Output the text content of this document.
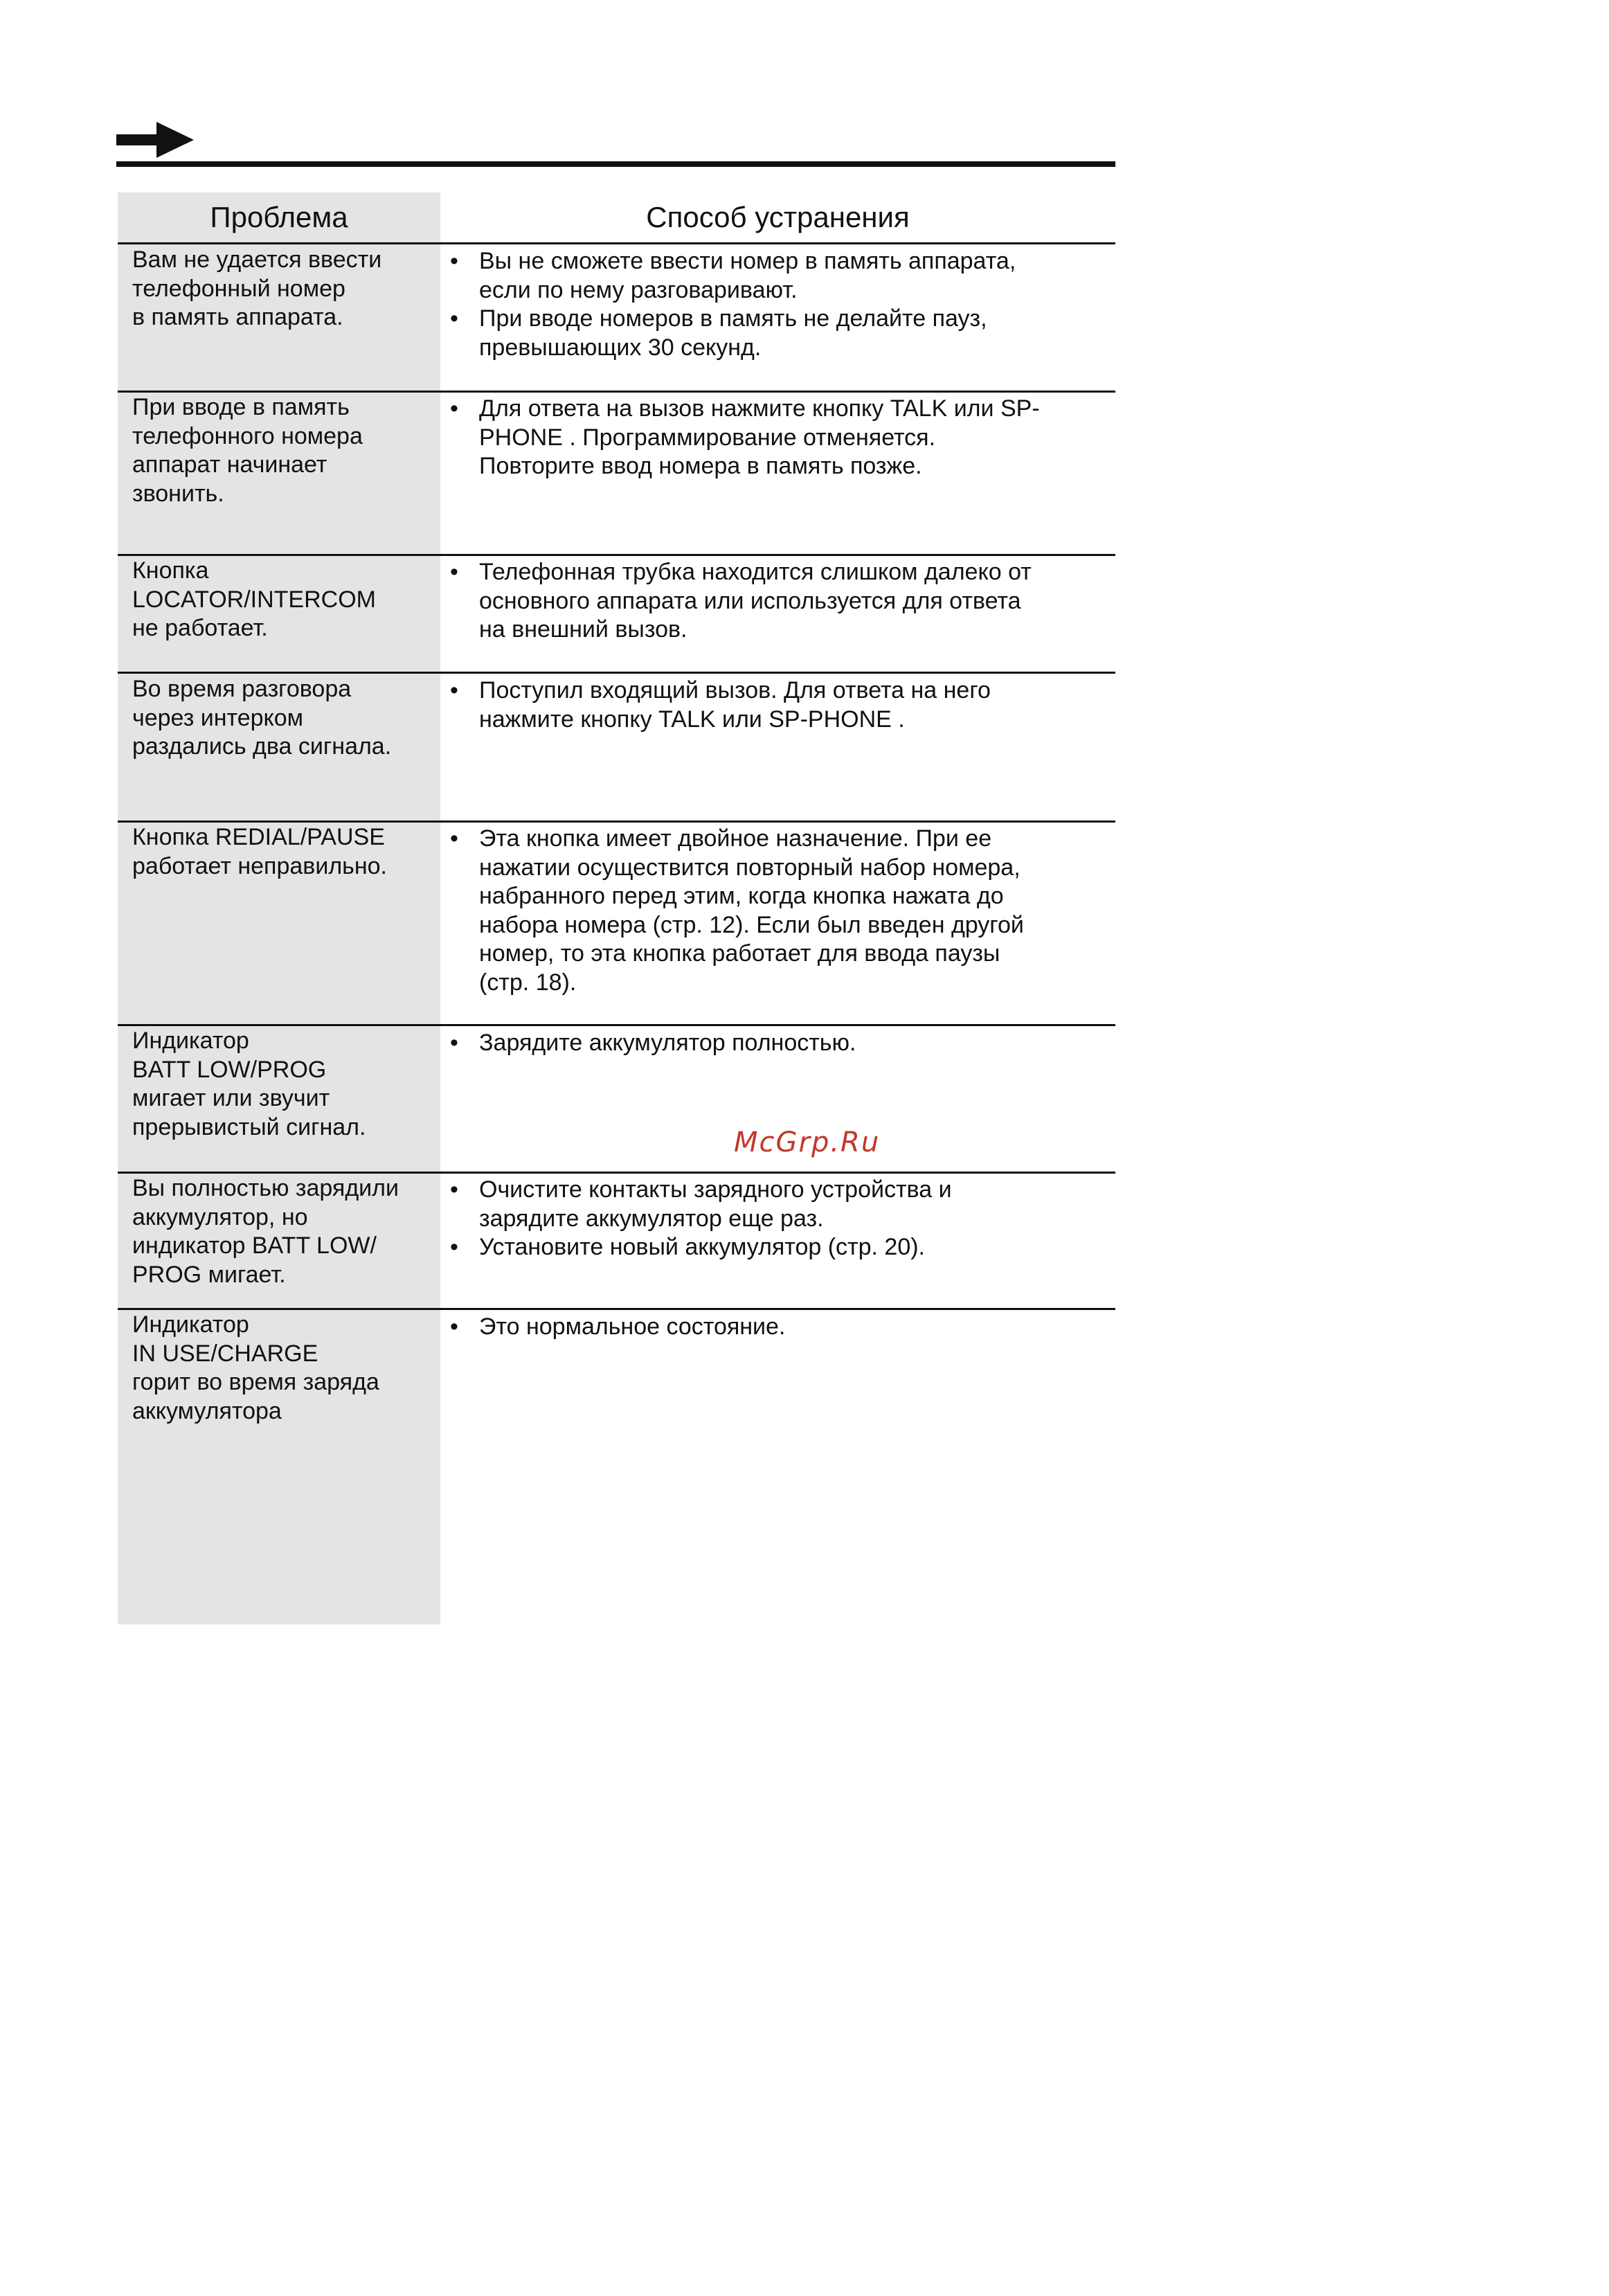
Проблема	Способ устранения
Вам не удается ввести
телефонный номер
в память аппарата.
• Вы не сможете ввести номер в память аппарата,
если по нему разговаривают.
• При вводе номеров в память не делайте пауз,
превышающих 30 секунд.
При вводе в память
телефонного номера
аппарат начинает
звонить.
• Для ответа на вызов нажмите кнопку TALK или SP-
PHONE . Программирование отменяется.
Повторите ввод номера в память позже.
Кнопка
LOCATOR/INTERCOM
не работает.
• Телефонная трубка находится слишком далеко от
основного аппарата или используется для ответа
на внешний вызов.
Во время разговора
через интерком
раздались два сигнала.
• Поступил входящий вызов. Для ответа на него
нажмите кнопку TALK или SP-PHONE .
Кнопка REDIAL/PAUSE
работает неправильно.
• Эта кнопка имеет двойное назначение. При ее
нажатии осуществится повторный набор номера,
набранного перед этим, когда кнопка нажата до
набора номера (стр. 12). Если был введен другой
номер, то эта кнопка работает для ввода паузы
(стр. 18).
Индикатор
BATT LOW/PROG
мигает или звучит
прерывистый сигнал.
• Зарядите аккумулятор полностью.
McGrp.Ru
Вы полностью зарядили
аккумулятор, но
индикатор BATT LOW/
PROG мигает.
• Очистите контакты зарядного устройства и
зарядите аккумулятор еще раз.
• Установите новый аккумулятор (стр. 20).
Индикатор
IN USE/CHARGE
горит во время заряда
аккумулятора
• Это нормальное состояние.
